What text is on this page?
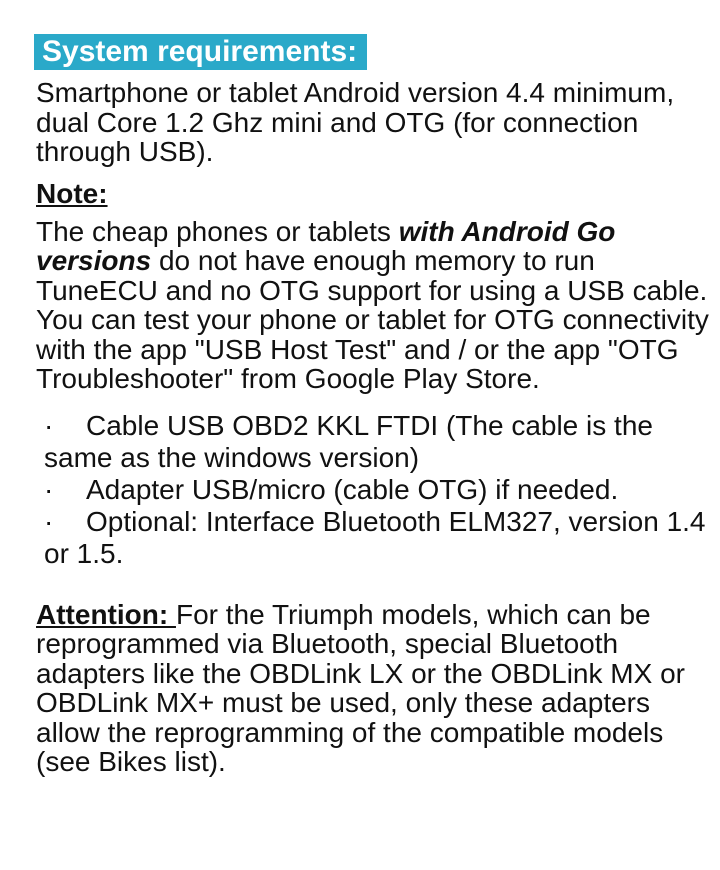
System requirements:

Smartphone or tablet Android version 4.4 minimum, dual Core 1.2 Ghz mini and OTG (for connection through USB).

Note:

The cheap phones or tablets with Android Go versions do not have enough memory to run TuneECU and no OTG support for using a USB cable.

You can test your phone or tablet for OTG connectivity with the app "USB Host Test" and / or the app "OTG Troubleshooter" from Google Play Store.

· Cable USB OBD2 KKL FTDI (The cable is the same as the windows version)

· Adapter USB/micro (cable OTG) if needed.

· Optional: Interface Bluetooth ELM327, version 1.4 or 1.5.

Attention: For the Triumph models, which can be reprogrammed via Bluetooth, special Bluetooth adapters like the OBDLink LX or the OBDLink MX or OBDLink MX+ must be used, only these adapters allow the reprogramming of the compatible models (see Bikes list).
